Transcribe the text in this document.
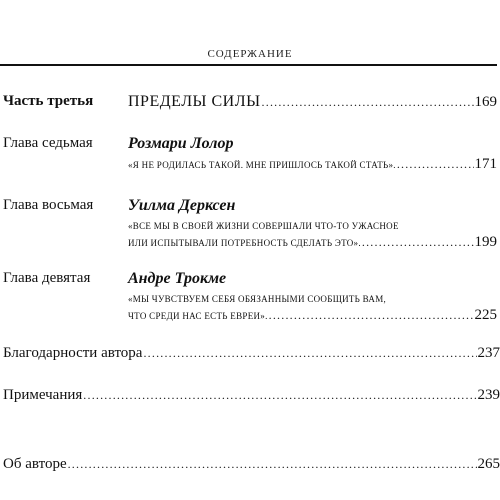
СОДЕРЖАНИЕ
Часть третья ПРЕДЕЛЫ СИЛЫ .....	169
Глава седьмая Розмари Лолор
«Я НЕ РОДИЛАСЬ ТАКОЙ. МНЕ ПРИШЛОСЬ ТАКОЙ СТАТЬ». .....	171
Глава восьмая Уилма Дерксен
«ВСЕ МЫ В СВОЕЙ ЖИЗНИ СОВЕРШАЛИ ЧТО-ТО УЖАСНОЕ
ИЛИ ИСПЫТЫВАЛИ ПОТРЕБНОСТЬ СДЕЛАТЬ ЭТО». .....	199
Глава девятая Андре Трокме
«МЫ ЧУВСТВУЕМ СЕБЯ ОБЯЗАННЫМИ СООБЩИТЬ ВАМ,
ЧТО СРЕДИ НАС ЕСТЬ ЕВРЕИ». .....	225
Благодарности автора .....	237
Примечания .....	239
Об авторе .....	265
